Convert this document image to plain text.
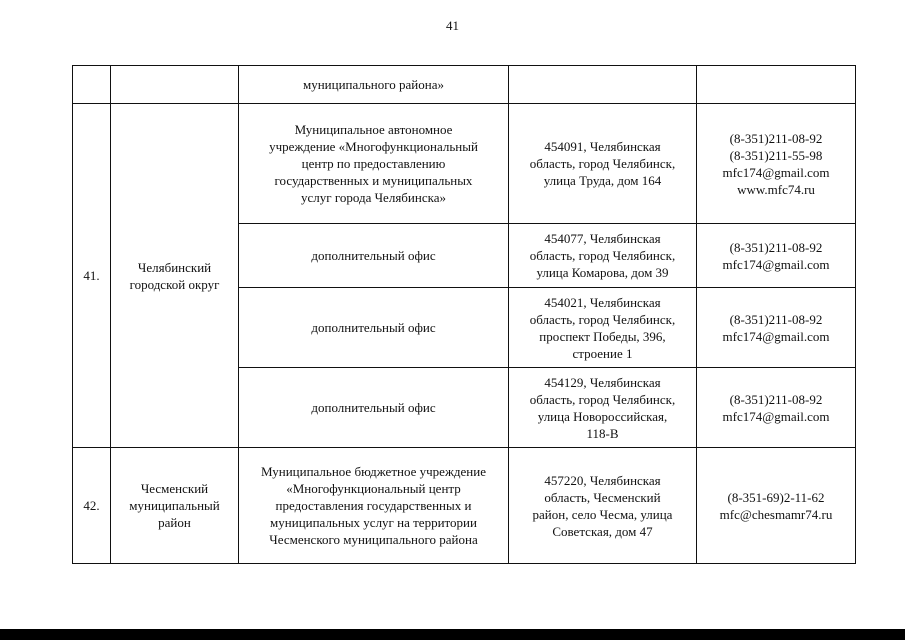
41

		муниципального района»		

41.	Челябинский
городской округ	Муниципальное автономное
учреждение «Многофункциональный
центр по предоставлению
государственных и муниципальных
услуг города Челябинска»	454091, Челябинская
область, город Челябинск,
улица Труда, дом 164	(8-351)211-08-92
(8-351)211-55-98
mfc174@gmail.com
www.mfc74.ru

		дополнительный офис	454077, Челябинская
область, город Челябинск,
улица Комарова, дом 39	(8-351)211-08-92
mfc174@gmail.com

		дополнительный офис	454021, Челябинская
область, город Челябинск,
проспект Победы, 396,
строение 1	(8-351)211-08-92
mfc174@gmail.com

		дополнительный офис	454129, Челябинская
область, город Челябинск,
улица Новороссийская,
118-В	(8-351)211-08-92
mfc174@gmail.com

42.	Чесменский
муниципальный
район	Муниципальное бюджетное учреждение
«Многофункциональный центр
предоставления государственных и
муниципальных услуг на территории
Чесменского муниципального района	457220, Челябинская
область, Чесменский
район, село Чесма, улица
Советская, дом 47	(8-351-69)2-11-62
mfc@chesmamr74.ru
